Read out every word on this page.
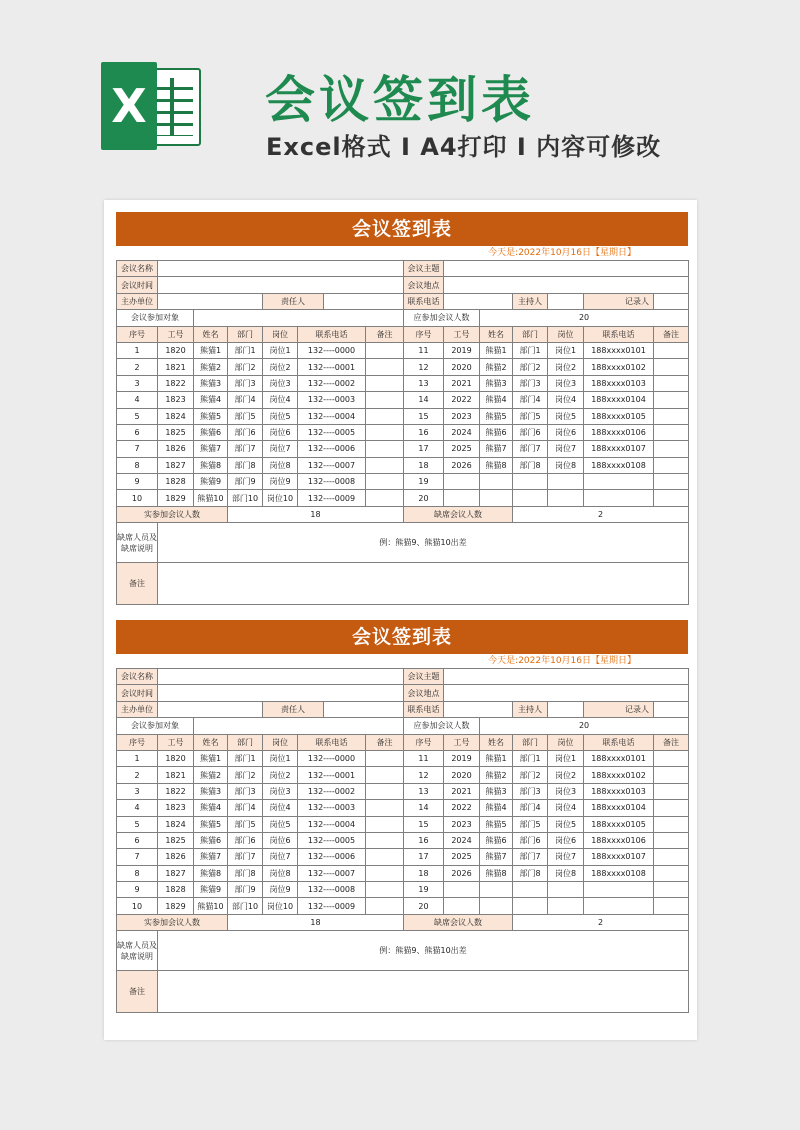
X 会议签到表
Excel格式 I A4打印 I 内容可修改
会议签到表
今天是:2022年10月16日【星期日】
会议名称								会议主题						
会议时间								会议地点						
主办单位				责任人				联系电话			主持人		记录人	
会议参加对象								应参加会议人数		20				
序号	工号	姓名	部门	岗位	联系电话		备注	序号	工号	姓名	部门	岗位	联系电话	备注
1	1820	熊猫1	部门1	岗位1	132----0000			11	2019	熊猫1	部门1	岗位1	188xxxx0101	
2	1821	熊猫2	部门2	岗位2	132----0001			12	2020	熊猫2	部门2	岗位2	188xxxx0102	
3	1822	熊猫3	部门3	岗位3	132----0002			13	2021	熊猫3	部门3	岗位3	188xxxx0103	
4	1823	熊猫4	部门4	岗位4	132----0003			14	2022	熊猫4	部门4	岗位4	188xxxx0104	
5	1824	熊猫5	部门5	岗位5	132----0004			15	2023	熊猫5	部门5	岗位5	188xxxx0105	
6	1825	熊猫6	部门6	岗位6	132----0005			16	2024	熊猫6	部门6	岗位6	188xxxx0106	
7	1826	熊猫7	部门7	岗位7	132----0006			17	2025	熊猫7	部门7	岗位7	188xxxx0107	
8	1827	熊猫8	部门8	岗位8	132----0007			18	2026	熊猫8	部门8	岗位8	188xxxx0108	
9	1828	熊猫9	部门9	岗位9	132----0008			19						
10	1829	熊猫10	部门10	岗位10	132----0009			20						
实参加会议人数			18					缺席会议人数			2			
缺席人员及
缺席说明	例：熊猫9、熊猫10出差													
备注														
会议签到表
今天是:2022年10月16日【星期日】
会议名称								会议主题						
会议时间								会议地点						
主办单位				责任人				联系电话			主持人		记录人	
会议参加对象								应参加会议人数		20				
序号	工号	姓名	部门	岗位	联系电话		备注	序号	工号	姓名	部门	岗位	联系电话	备注
1	1820	熊猫1	部门1	岗位1	132----0000			11	2019	熊猫1	部门1	岗位1	188xxxx0101	
2	1821	熊猫2	部门2	岗位2	132----0001			12	2020	熊猫2	部门2	岗位2	188xxxx0102	
3	1822	熊猫3	部门3	岗位3	132----0002			13	2021	熊猫3	部门3	岗位3	188xxxx0103	
4	1823	熊猫4	部门4	岗位4	132----0003			14	2022	熊猫4	部门4	岗位4	188xxxx0104	
5	1824	熊猫5	部门5	岗位5	132----0004			15	2023	熊猫5	部门5	岗位5	188xxxx0105	
6	1825	熊猫6	部门6	岗位6	132----0005			16	2024	熊猫6	部门6	岗位6	188xxxx0106	
7	1826	熊猫7	部门7	岗位7	132----0006			17	2025	熊猫7	部门7	岗位7	188xxxx0107	
8	1827	熊猫8	部门8	岗位8	132----0007			18	2026	熊猫8	部门8	岗位8	188xxxx0108	
9	1828	熊猫9	部门9	岗位9	132----0008			19						
10	1829	熊猫10	部门10	岗位10	132----0009			20						
实参加会议人数			18					缺席会议人数			2			
缺席人员及
缺席说明	例：熊猫9、熊猫10出差													
备注														
